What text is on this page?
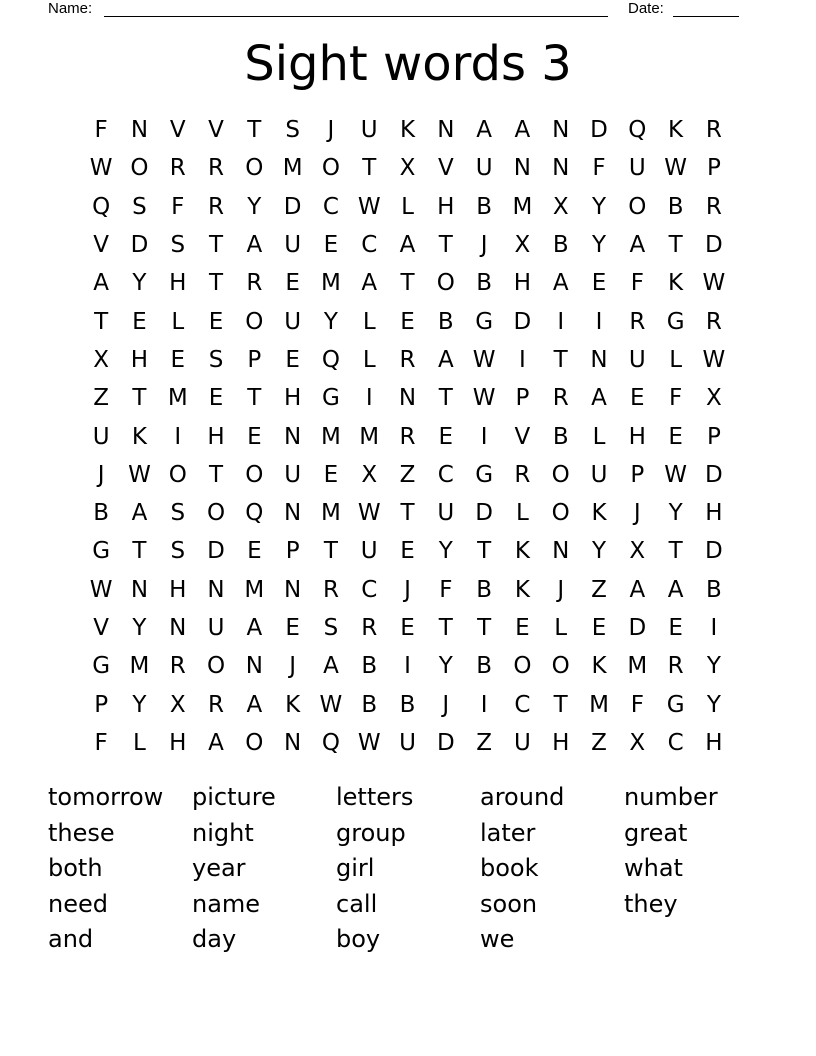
Name:	Date:
Sight words 3
F	N V V	T	S	J	U K N A A N D Q K R
W O R R O M O T	X V U N N	F	U W P
Q S	F	R	Y D C W L	H B M X	Y O B R
V D S	T	A U E C A	T	J	X B	Y	A	T D
A	Y H T	R	E M A	T O B H A	E	F	K W
T	E	L	E O U Y	L	E	B G D	I	I	R G R
X H E	S	P	E Q L	R A W	I	T N U	L W
Z	T M E	T H G	I	N T W P	R A	E	F	X
U K	I	H E N M M R	E	I	V B	L	H E	P
J	W O T O U E	X Z C G R O U P W D
B A	S O Q N M W T U D	L O K	J	Y H
G T	S D E	P	T U E	Y	T	K N Y	X	T D
W N H N M N R C	J	F	B K	J	Z A A B
V	Y N U A	E	S	R	E	T	T	E	L	E D E	I
G M R O N	J	A B	I	Y	B O O K M R	Y
P	Y	X R A K W B B	J	I	C	T M F G Y
F	L	H A O N Q W U D Z U H Z X C H
tomorrow	picture	letters	around	number
these	night	group	later	great
both	year	girl	book	what
need	name	call	soon	they
and	day	boy	we
